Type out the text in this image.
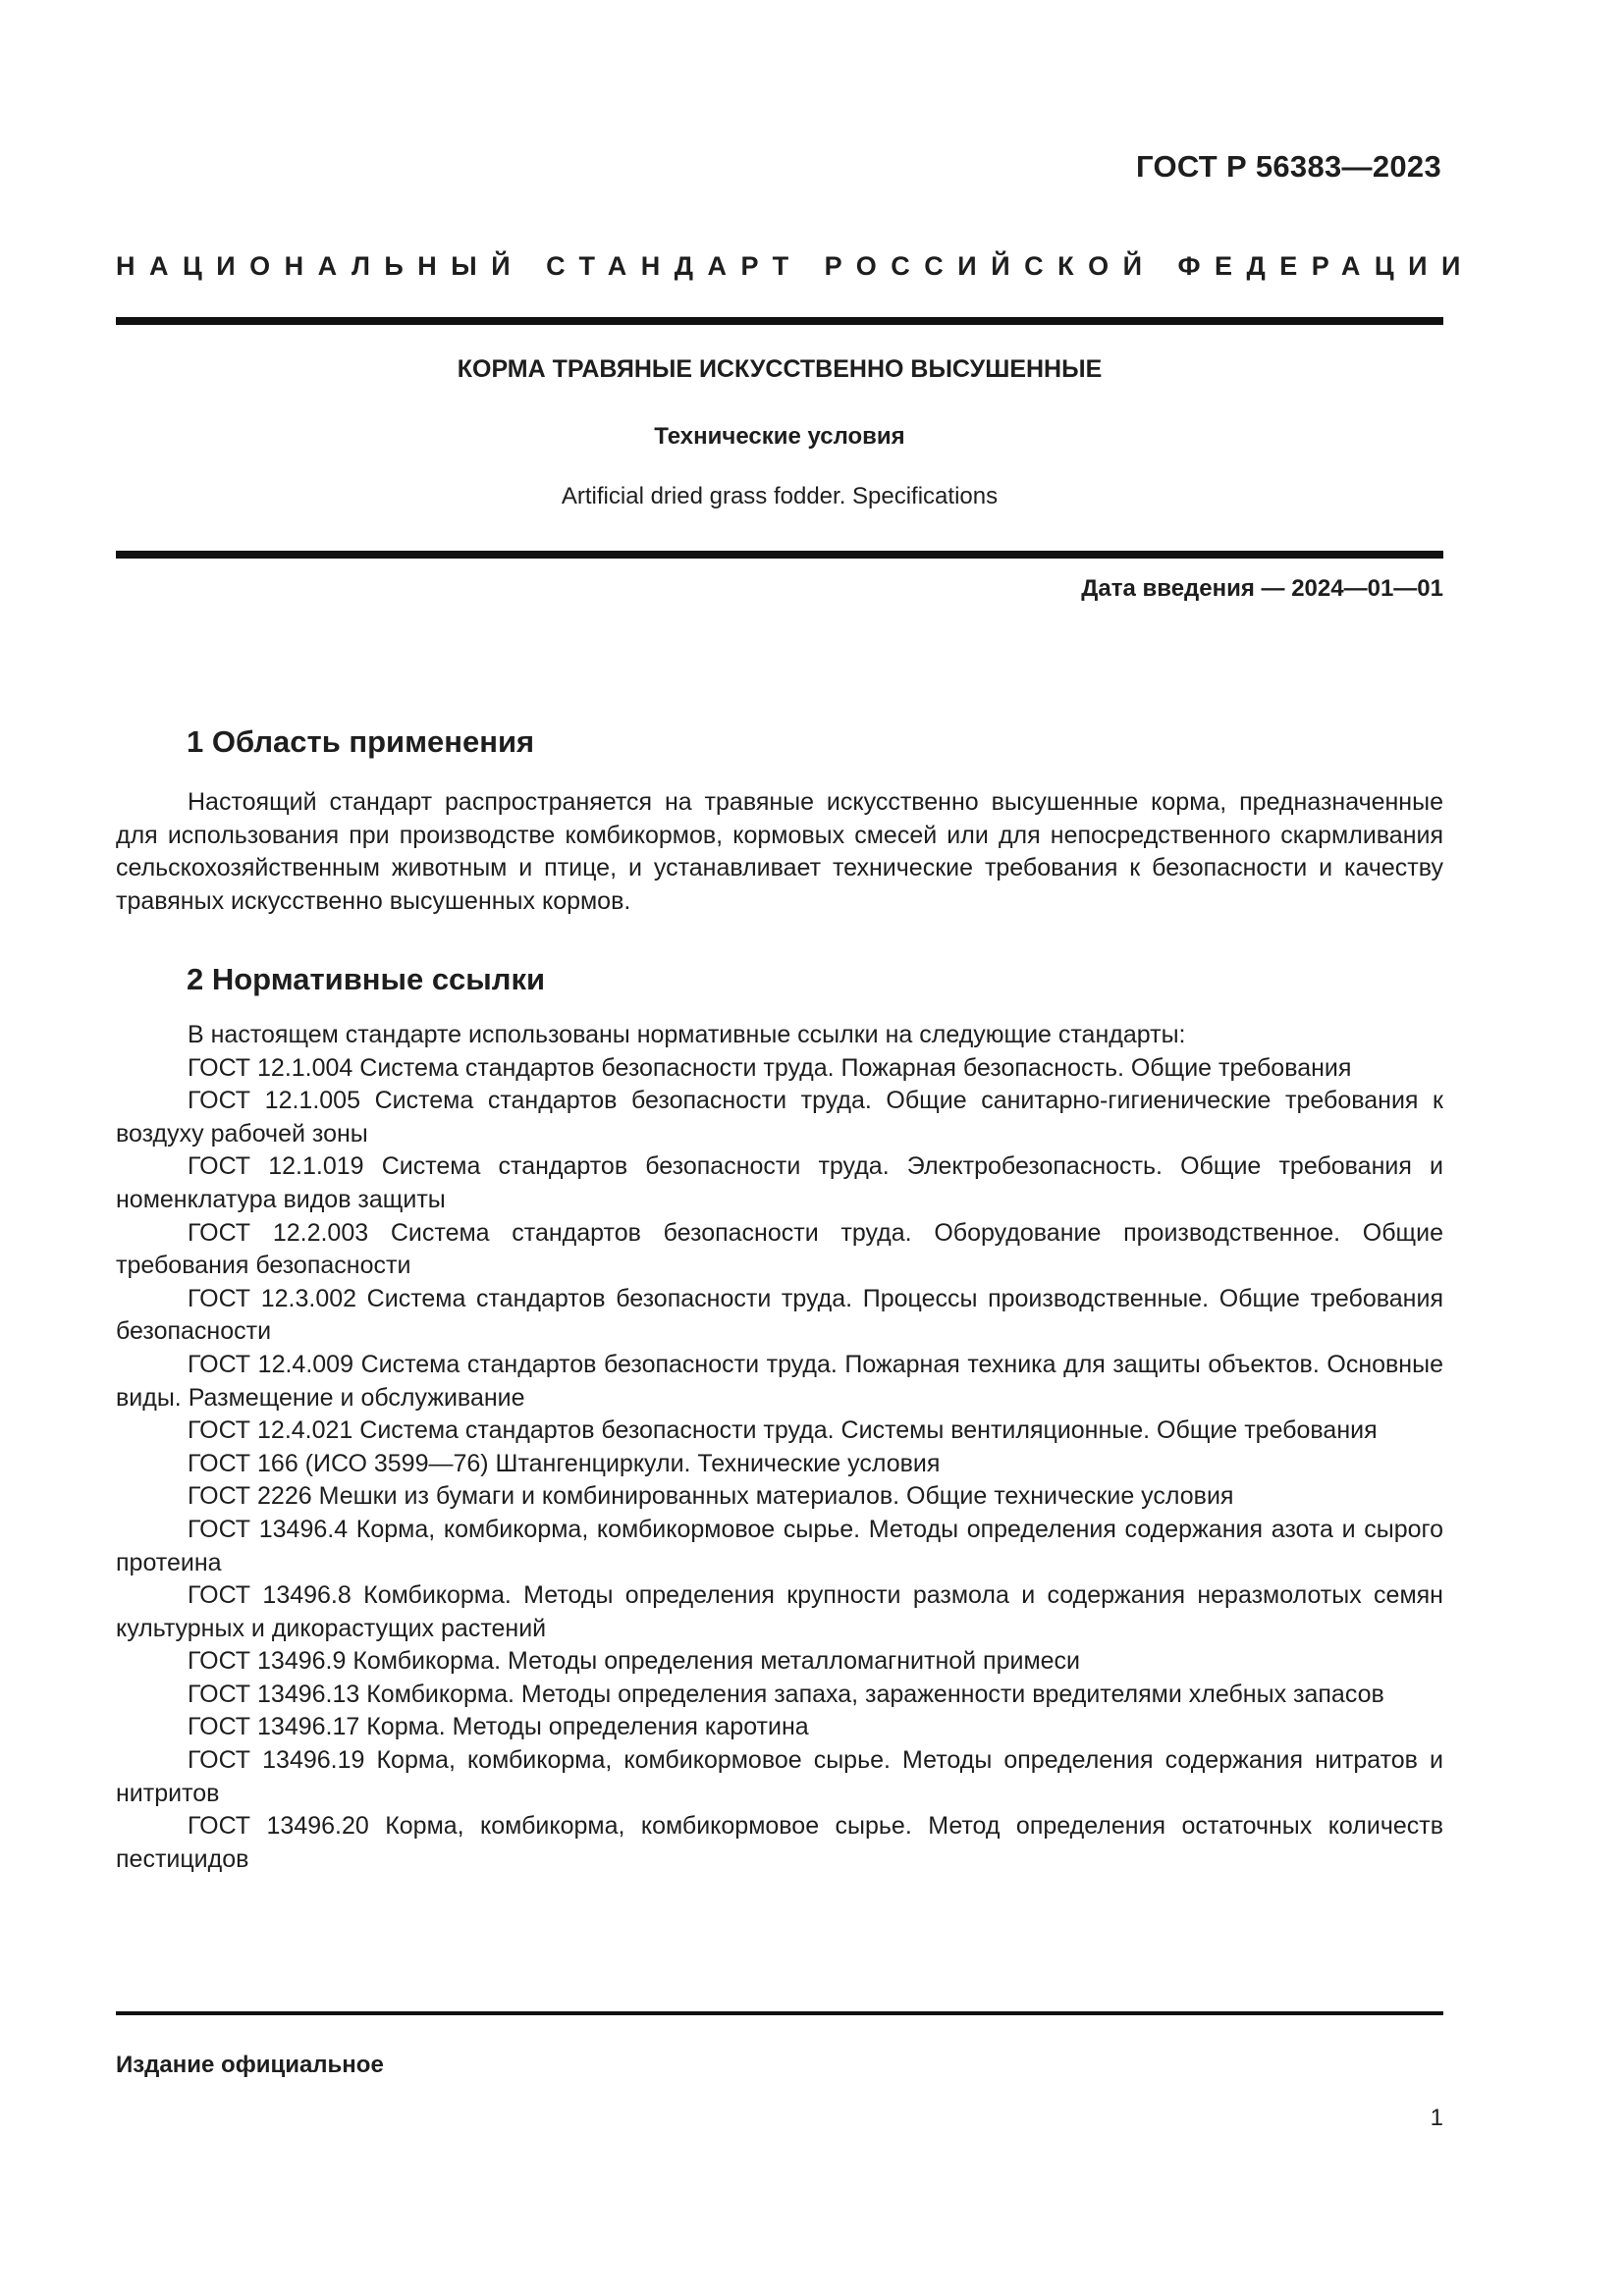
ГОСТ Р 56383—2023
НАЦИОНАЛЬНЫЙ СТАНДАРТ РОССИЙСКОЙ ФЕДЕРАЦИИ
КОРМА ТРАВЯНЫЕ ИСКУССТВЕННО ВЫСУШЕННЫЕ
Технические условия
Artificial dried grass fodder. Specifications
Дата введения — 2024—01—01
1 Область применения

Настоящий стандарт распространяется на травяные искусственно высушенные корма, предназначенные для использования при производстве комбикормов, кормовых смесей или для непосредственного скармливания сельскохозяйственным животным и птице, и устанавливает технические требования к безопасности и качеству травяных искусственно высушенных кормов.

2 Нормативные ссылки
В настоящем стандарте использованы нормативные ссылки на следующие стандарты:
ГОСТ 12.1.004 Система стандартов безопасности труда. Пожарная безопасность. Общие требования
ГОСТ 12.1.005 Система стандартов безопасности труда. Общие санитарно-гигиенические требования к воздуху рабочей зоны
ГОСТ 12.1.019 Система стандартов безопасности труда. Электробезопасность. Общие требования и номенклатура видов защиты
ГОСТ 12.2.003 Система стандартов безопасности труда. Оборудование производственное. Общие требования безопасности
ГОСТ 12.3.002 Система стандартов безопасности труда. Процессы производственные. Общие требования безопасности
ГОСТ 12.4.009 Система стандартов безопасности труда. Пожарная техника для защиты объектов. Основные виды. Размещение и обслуживание
ГОСТ 12.4.021 Система стандартов безопасности труда. Системы вентиляционные. Общие требования
ГОСТ 166 (ИСО 3599—76) Штангенциркули. Технические условия
ГОСТ 2226 Мешки из бумаги и комбинированных материалов. Общие технические условия
ГОСТ 13496.4 Корма, комбикорма, комбикормовое сырье. Методы определения содержания азота и сырого протеина
ГОСТ 13496.8 Комбикорма. Методы определения крупности размола и содержания неразмолотых семян культурных и дикорастущих растений
ГОСТ 13496.9 Комбикорма. Методы определения металломагнитной примеси
ГОСТ 13496.13 Комбикорма. Методы определения запаха, зараженности вредителями хлебных запасов
ГОСТ 13496.17 Корма. Методы определения каротина
ГОСТ 13496.19 Корма, комбикорма, комбикормовое сырье. Методы определения содержания нитратов и нитритов
ГОСТ 13496.20 Корма, комбикорма, комбикормовое сырье. Метод определения остаточных количеств пестицидов
Издание официальное
1
